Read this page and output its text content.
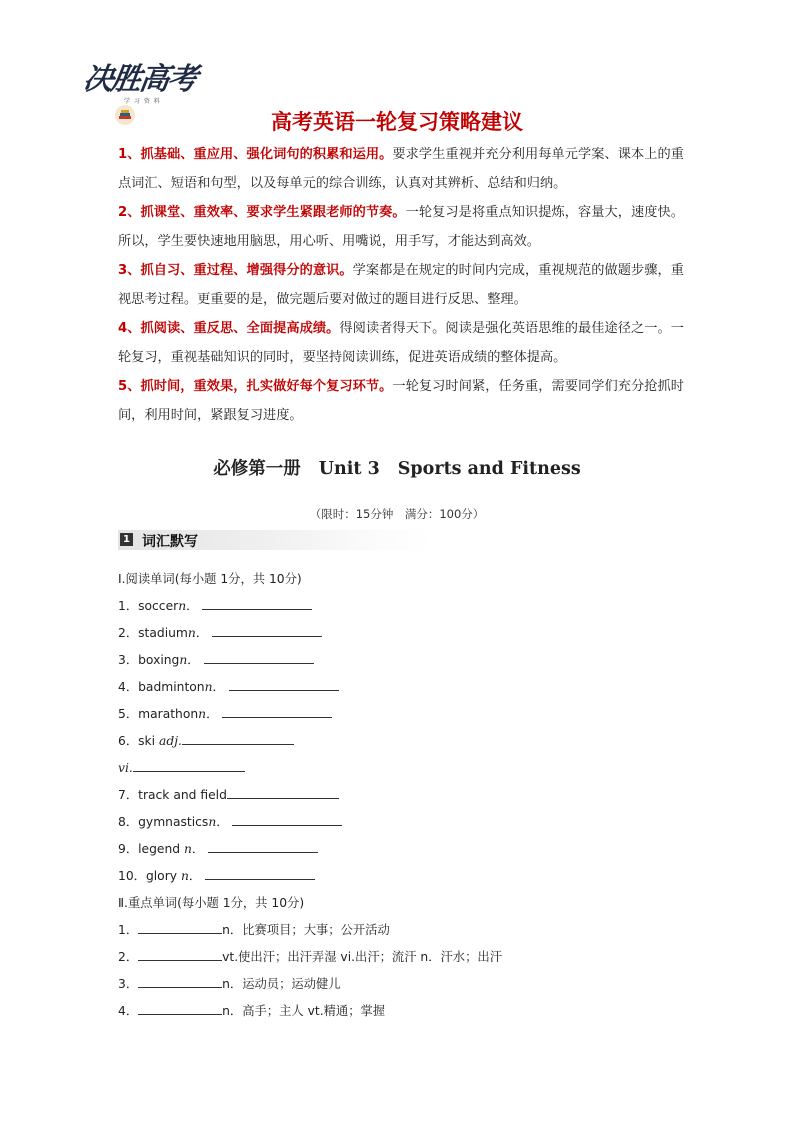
决胜高考
学 习 资 料
高考英语一轮复习策略建议

1、抓基础、重应用、强化词句的积累和运用。要求学生重视并充分利用每单元学案、课本上的重点词汇、短语和句型，以及每单元的综合训练，认真对其辨析、总结和归纳。

2、抓课堂、重效率、要求学生紧跟老师的节奏。一轮复习是将重点知识提炼，容量大，速度快。所以，学生要快速地用脑思，用心听、用嘴说，用手写，才能达到高效。

3、抓自习、重过程、增强得分的意识。学案都是在规定的时间内完成，重视规范的做题步骤，重视思考过程。更重要的是，做完题后要对做过的题目进行反思、整理。

4、抓阅读、重反思、全面提高成绩。得阅读者得天下。阅读是强化英语思维的最佳途径之一。一轮复习，重视基础知识的同时，要坚持阅读训练，促进英语成绩的整体提高。

5、抓时间，重效果，扎实做好每个复习环节。一轮复习时间紧，任务重，需要同学们充分抢抓时间，利用时间，紧跟复习进度。

必修第一册 Unit 3 Sports and Fitness
（限时：15分钟　满分：100分）
1 词汇默写
Ⅰ.阅读单词(每小题 1分，共 10分)
1．soccern．
2．stadiumn．
3．boxingn．
4．badmintonn．
5．marathonn．
6．ski adj.
vi.
7．track and field
8．gymnasticsn．
9．legend n．
10．glory n．
Ⅱ.重点单词(每小题 1分，共 10分)
1．	n．比赛项目；大事；公开活动
2．	vt.使出汗；出汗弄湿 vi.出汗；流汗 n．汗水；出汗
3．	n．运动员；运动健儿
4．	n．高手；主人 vt.精通；掌握
